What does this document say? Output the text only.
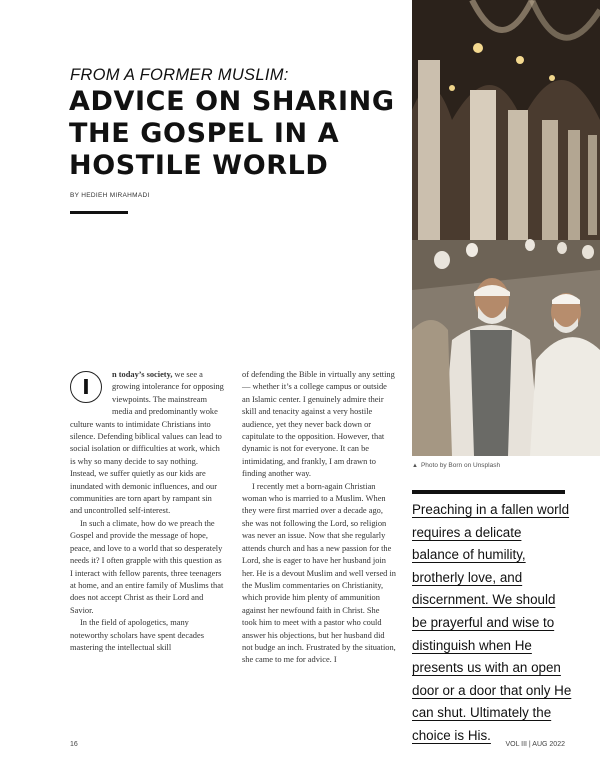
FROM A FORMER MUSLIM:
ADVICE ON SHARING
THE GOSPEL IN A
HOSTILE WORLD
BY HEDIEH MIRAHMADI
▲ Photo by Born on Unsplash
I

n today’s society, we see a growing intolerance for opposing viewpoints. The mainstream media and predominantly woke culture wants to intimidate Christians into silence. Defending biblical values can lead to social isolation or difficulties at work, which is why so many decide to say nothing. Instead, we suffer quietly as our kids are inundated with demonic influences, and our communities are torn apart by rampant sin and uncontrolled self-interest.

In such a climate, how do we preach the Gospel and provide the message of hope, peace, and love to a world that so desperately needs it? I often grapple with this question as I interact with fellow parents, three teenagers at home, and an entire family of Muslims that does not accept Christ as their Lord and Savior.

In the field of apologetics, many noteworthy scholars have spent decades mastering the intellectual skill

of defending the Bible in virtually any setting — whether it’s a college campus or outside an Islamic center. I genuinely admire their skill and tenacity against a very hostile audience, yet they never back down or capitulate to the opposition. However, that dynamic is not for everyone. It can be intimidating, and frankly, I am drawn to finding another way.

I recently met a born-again Christian woman who is married to a Muslim. When they were first married over a decade ago, she was not following the Lord, so religion was never an issue. Now that she regularly attends church and has a new passion for the Lord, she is eager to have her husband join her. He is a devout Muslim and well versed in the Muslim commentaries on Christianity, which provide him plenty of ammunition against her newfound faith in Christ. She took him to meet with a pastor who could answer his objections, but her husband did not budge an inch. Frustrated by the situation, she came to me for advice. I

Preaching in a fallen world requires a delicate balance of humility, brotherly love, and discernment. We should be prayerful and wise to distinguish when He presents us with an open door or a door that only He can shut. Ultimately the choice is His.
16	VOL III | AUG 2022
